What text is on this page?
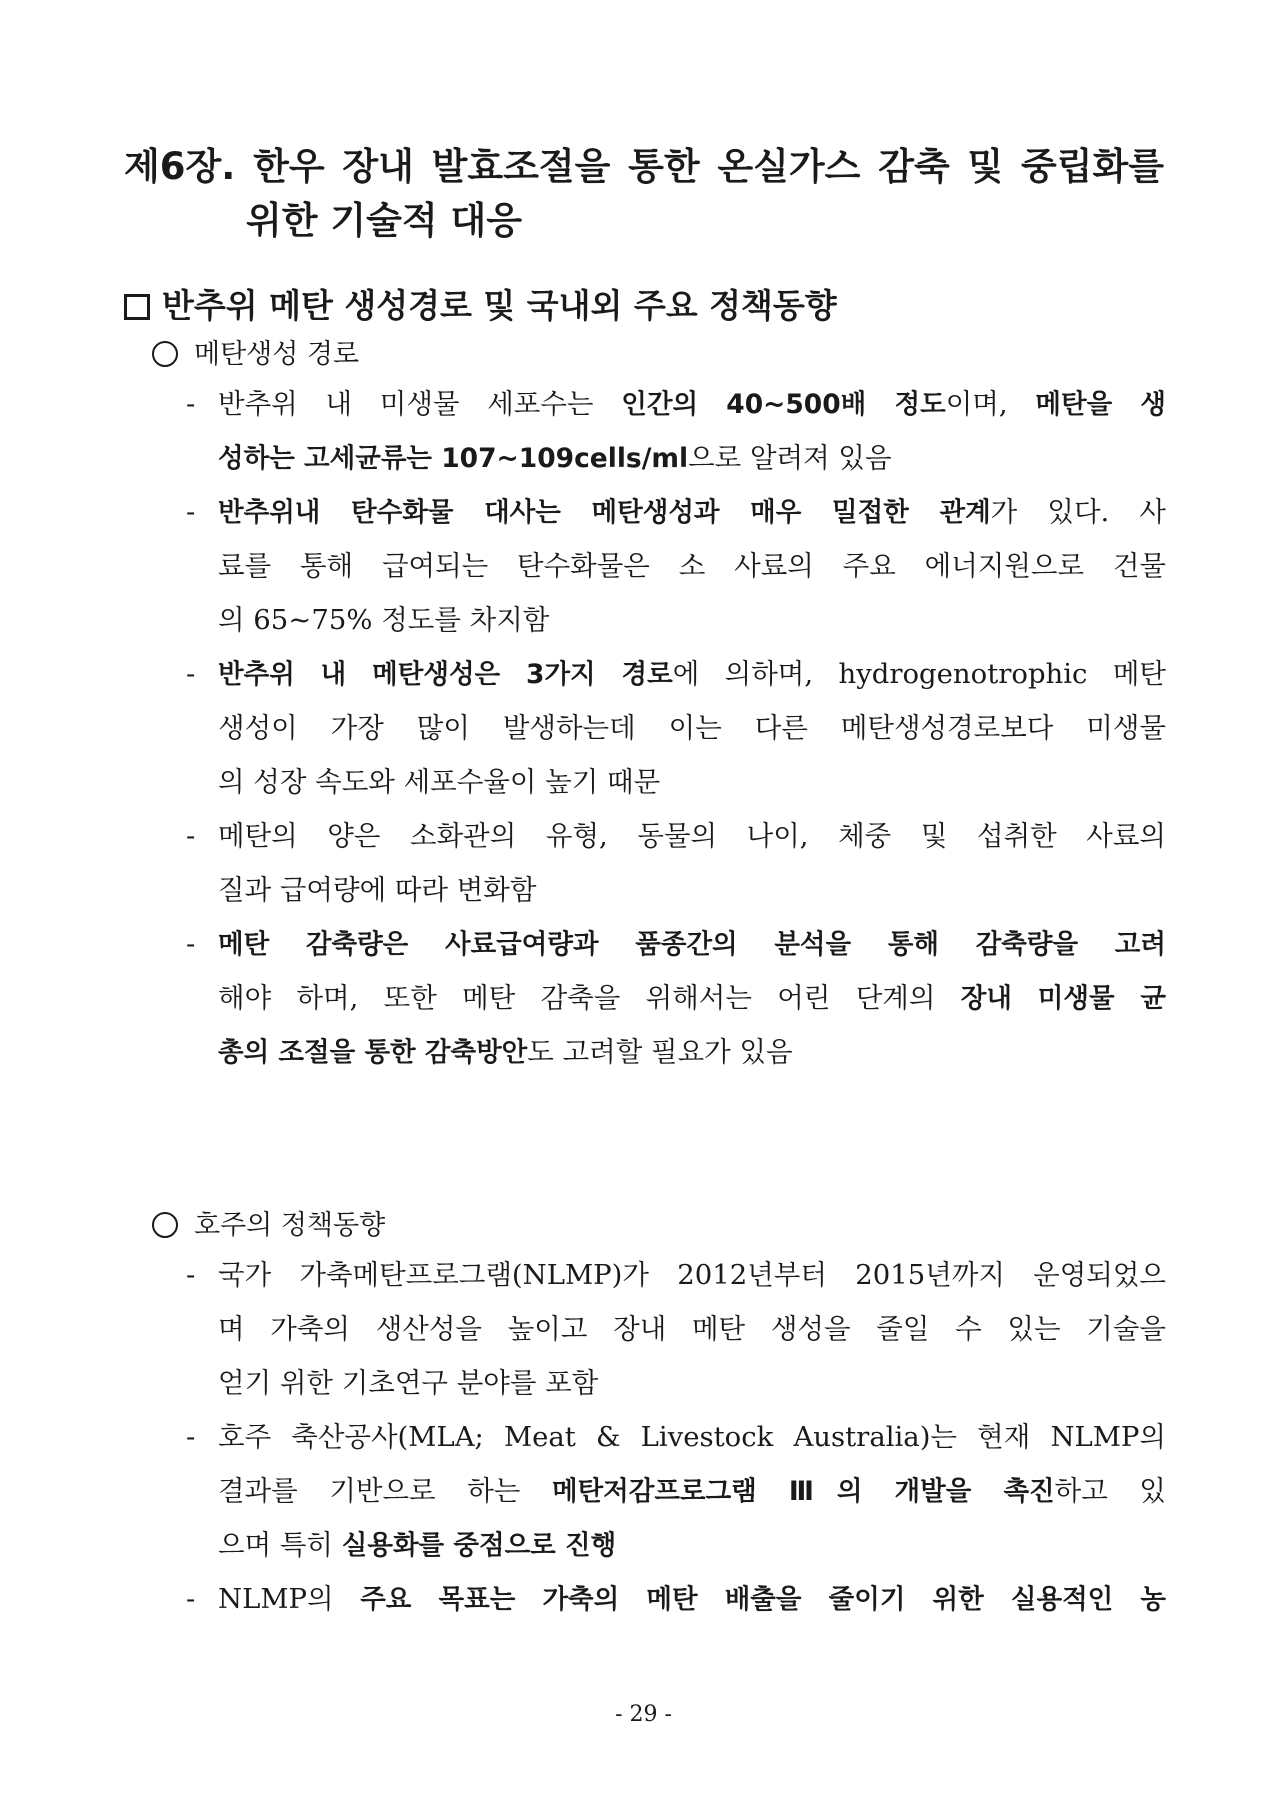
제6장. 한우 장내 발효조절을 통한 온실가스 감축 및 중립화를
위한 기술적 대응
반추위 메탄 생성경로 및 국내외 주요 정책동향
메탄생성 경로
- 반추위 내 미생물 세포수는 인간의 40~500배 정도이며, 메탄을 생
성하는 고세균류는 107~109cells/ml으로 알려져 있음
- 반추위내 탄수화물 대사는 메탄생성과 매우 밀접한 관계가 있다. 사
료를 통해 급여되는 탄수화물은 소 사료의 주요 에너지원으로 건물
의 65~75% 정도를 차지함
- 반추위 내 메탄생성은 3가지 경로에 의하며, hydrogenotrophic 메탄
생성이 가장 많이 발생하는데 이는 다른 메탄생성경로보다 미생물
의 성장 속도와 세포수율이 높기 때문
- 메탄의 양은 소화관의 유형, 동물의 나이, 체중 및 섭취한 사료의
질과 급여량에 따라 변화함
- 메탄 감축량은 사료급여량과 품종간의 분석을 통해 감축량을 고려
해야 하며, 또한 메탄 감축을 위해서는 어린 단계의 장내 미생물 균
총의 조절을 통한 감축방안도 고려할 필요가 있음
호주의 정책동향
- 국가 가축메탄프로그램(NLMP)가 2012년부터 2015년까지 운영되었으
며 가축의 생산성을 높이고 장내 메탄 생성을 줄일 수 있는 기술을
얻기 위한 기초연구 분야를 포함
- 호주 축산공사(MLA; Meat & Livestock Australia)는 현재 NLMP의
결과를 기반으로 하는 메탄저감프로그램 Ⅲ의 개발을 촉진하고 있
으며 특히 실용화를 중점으로 진행
- NLMP의 주요 목표는 가축의 메탄 배출을 줄이기 위한 실용적인 농
- 29 -
